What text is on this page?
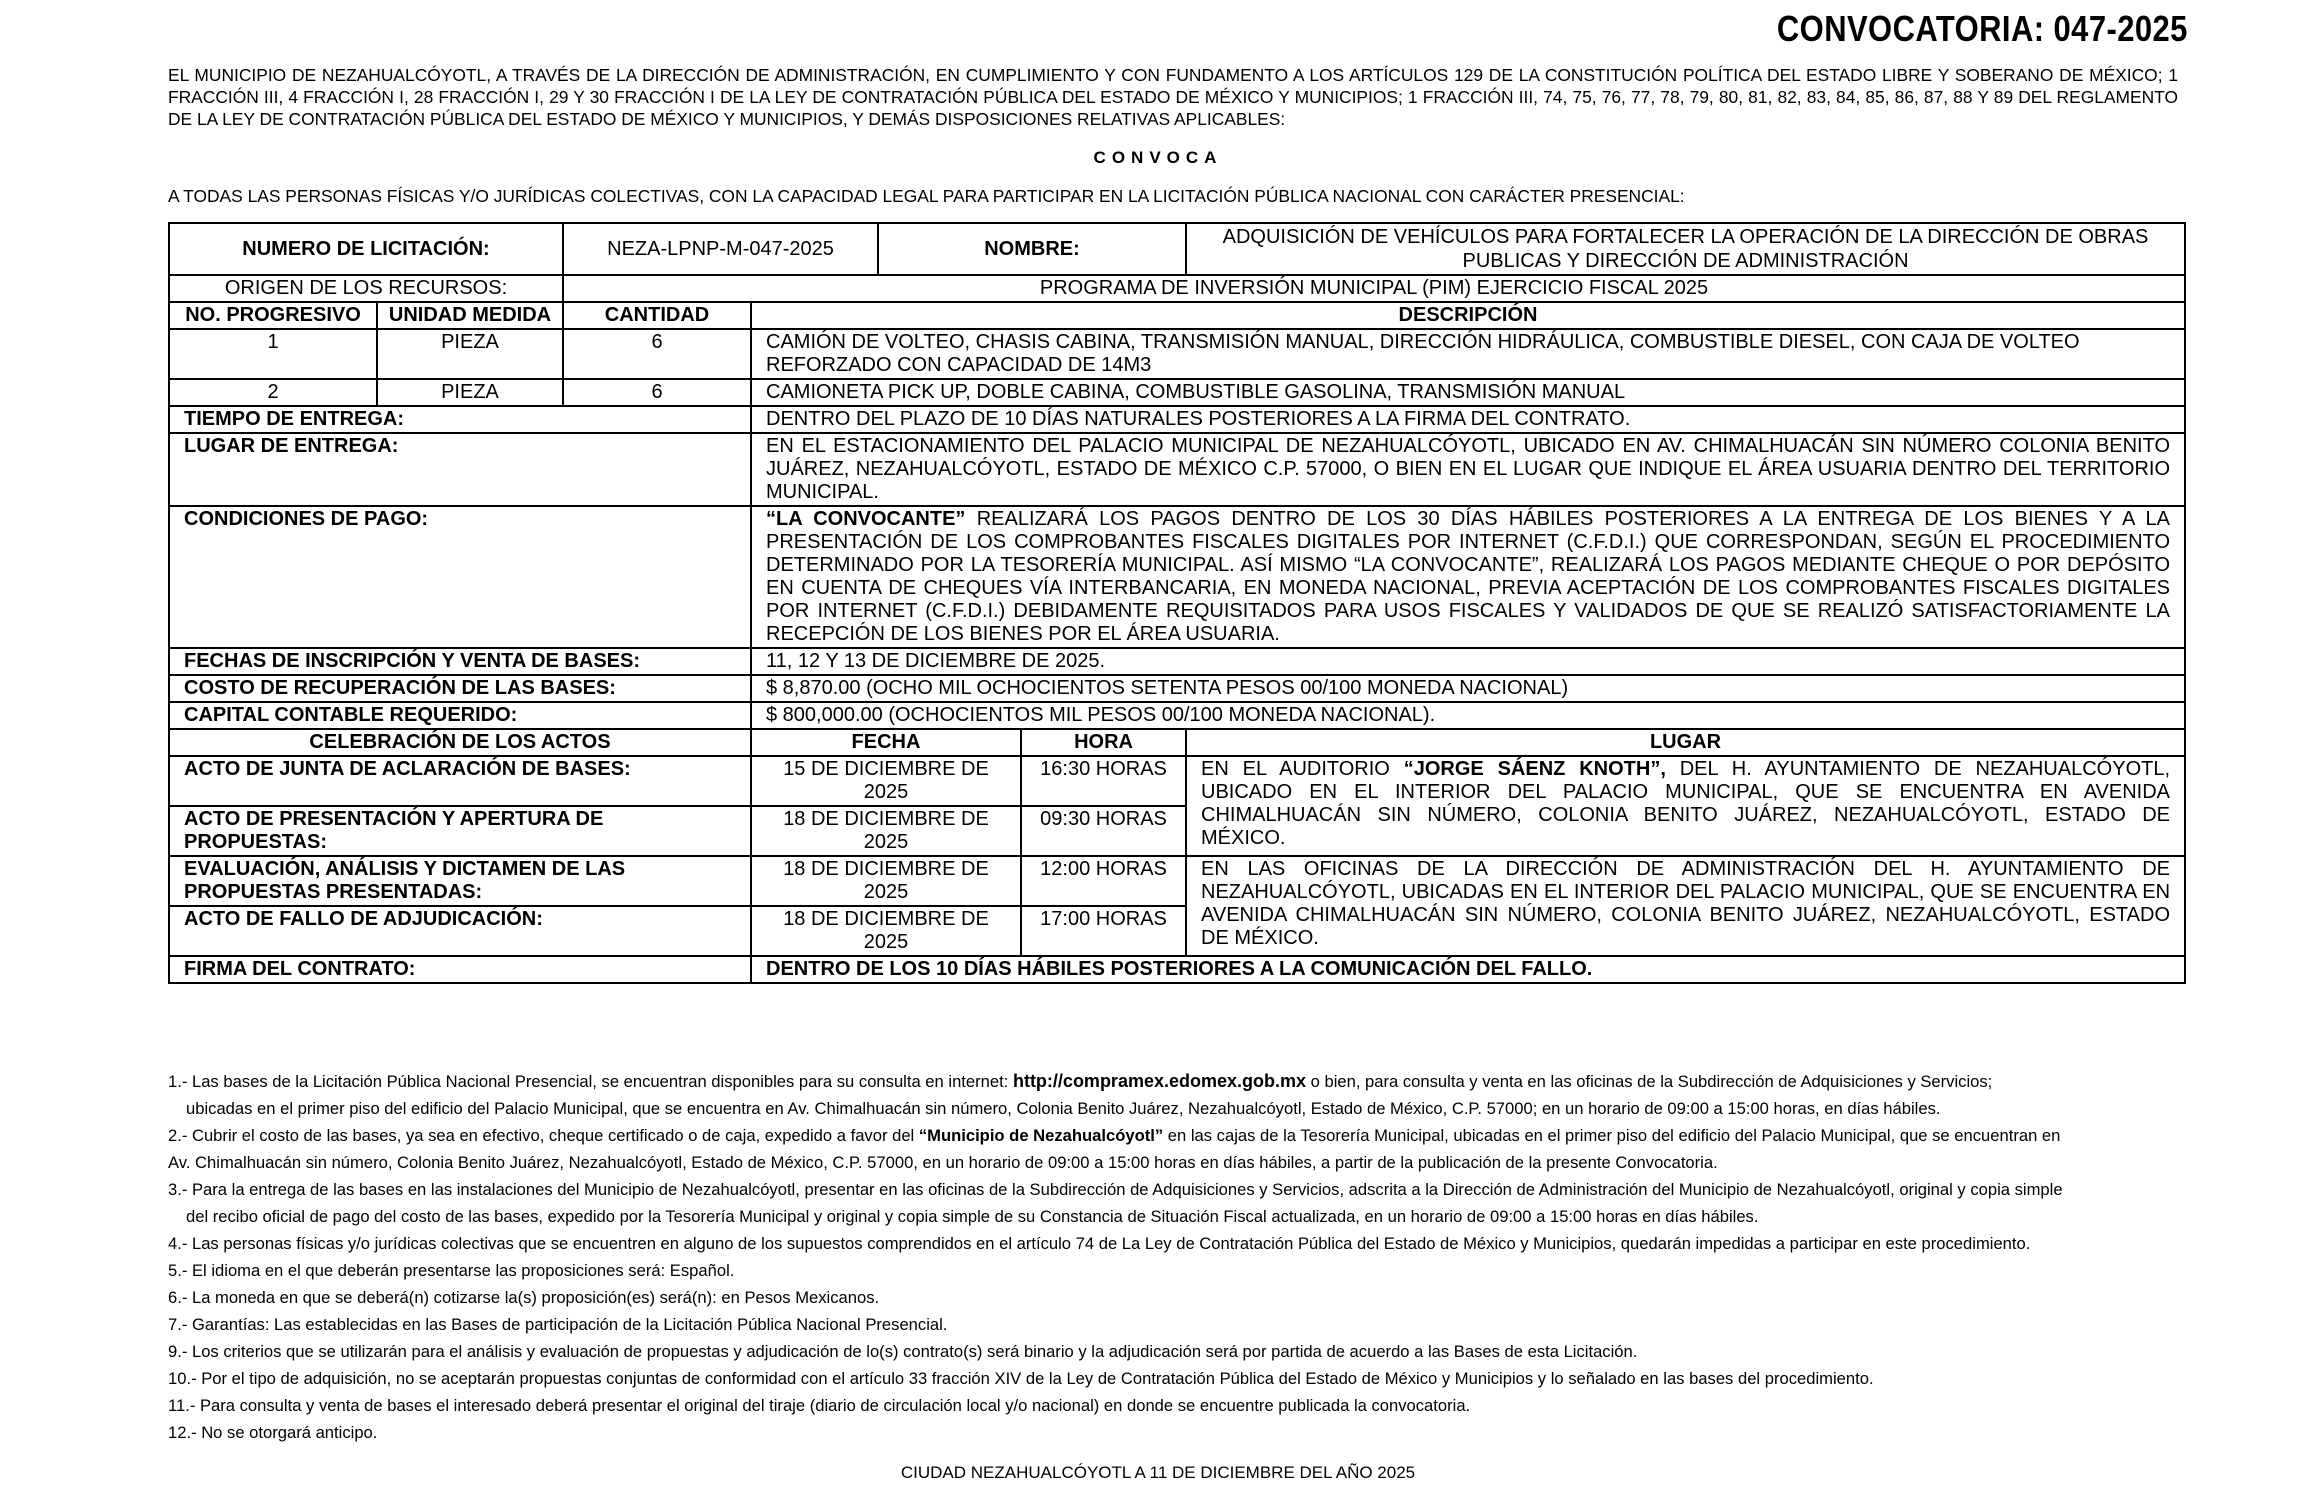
CONVOCATORIA: 047-2025
EL MUNICIPIO DE NEZAHUALCÓYOTL, A TRAVÉS DE LA DIRECCIÓN DE ADMINISTRACIÓN, EN CUMPLIMIENTO Y CON FUNDAMENTO A LOS ARTÍCULOS 129 DE LA CONSTITUCIÓN POLÍTICA DEL ESTADO LIBRE Y SOBERANO DE MÉXICO; 1 FRACCIÓN III, 4 FRACCIÓN I, 28 FRACCIÓN I, 29 Y 30 FRACCIÓN I DE LA LEY DE CONTRATACIÓN PÚBLICA DEL ESTADO DE MÉXICO Y MUNICIPIOS; 1 FRACCIÓN III, 74, 75, 76, 77, 78, 79, 80, 81, 82, 83, 84, 85, 86, 87, 88 Y 89 DEL REGLAMENTO DE LA LEY DE CONTRATACIÓN PÚBLICA DEL ESTADO DE MÉXICO Y MUNICIPIOS, Y DEMÁS DISPOSICIONES RELATIVAS APLICABLES:
CONVOCA
A TODAS LAS PERSONAS FÍSICAS Y/O JURÍDICAS COLECTIVAS, CON LA CAPACIDAD LEGAL PARA PARTICIPAR EN LA LICITACIÓN PÚBLICA NACIONAL CON CARÁCTER PRESENCIAL:
NUMERO DE LICITACIÓN:		NEZA-LPNP-M-047-2025		NOMBRE:		ADQUISICIÓN DE VEHÍCULOS PARA FORTALECER LA OPERACIÓN DE LA DIRECCIÓN DE OBRAS PUBLICAS Y DIRECCIÓN DE ADMINISTRACIÓN
ORIGEN DE LOS RECURSOS:		PROGRAMA DE INVERSIÓN MUNICIPAL (PIM) EJERCICIO FISCAL 2025				
NO. PROGRESIVO	UNIDAD MEDIDA	CANTIDAD	DESCRIPCIÓN			
1	PIEZA	6	CAMIÓN DE VOLTEO, CHASIS CABINA, TRANSMISIÓN MANUAL, DIRECCIÓN HIDRÁULICA, COMBUSTIBLE DIESEL, CON CAJA DE VOLTEO REFORZADO CON CAPACIDAD DE 14M3			
2	PIEZA	6	CAMIONETA PICK UP, DOBLE CABINA, COMBUSTIBLE GASOLINA, TRANSMISIÓN MANUAL			
TIEMPO DE ENTREGA:			DENTRO DEL PLAZO DE 10 DÍAS NATURALES POSTERIORES A LA FIRMA DEL CONTRATO.			
LUGAR DE ENTREGA:			EN EL ESTACIONAMIENTO DEL PALACIO MUNICIPAL DE NEZAHUALCÓYOTL, UBICADO EN AV. CHIMALHUACÁN SIN NÚMERO COLONIA BENITO JUÁREZ, NEZAHUALCÓYOTL, ESTADO DE MÉXICO C.P. 57000, O BIEN EN EL LUGAR QUE INDIQUE EL ÁREA USUARIA DENTRO DEL TERRITORIO MUNICIPAL.			
CONDICIONES DE PAGO:			“LA CONVOCANTE” REALIZARÁ LOS PAGOS DENTRO DE LOS 30 DÍAS HÁBILES POSTERIORES A LA ENTREGA DE LOS BIENES Y A LA PRESENTACIÓN DE LOS COMPROBANTES FISCALES DIGITALES POR INTERNET (C.F.D.I.) QUE CORRESPONDAN, SEGÚN EL PROCEDIMIENTO DETERMINADO POR LA TESORERÍA MUNICIPAL. ASÍ MISMO “LA CONVOCANTE”, REALIZARÁ LOS PAGOS MEDIANTE CHEQUE O POR DEPÓSITO EN CUENTA DE CHEQUES VÍA INTERBANCARIA, EN MONEDA NACIONAL, PREVIA ACEPTACIÓN DE LOS COMPROBANTES FISCALES DIGITALES POR INTERNET (C.F.D.I.) DEBIDAMENTE REQUISITADOS PARA USOS FISCALES Y VALIDADOS DE QUE SE REALIZÓ SATISFACTORIAMENTE LA RECEPCIÓN DE LOS BIENES POR EL ÁREA USUARIA.			
FECHAS DE INSCRIPCIÓN Y VENTA DE BASES:			11, 12 Y 13 DE DICIEMBRE DE 2025.			
COSTO DE RECUPERACIÓN DE LAS BASES:			$ 8,870.00 (OCHO MIL OCHOCIENTOS SETENTA PESOS 00/100 MONEDA NACIONAL)			
CAPITAL CONTABLE REQUERIDO:			$ 800,000.00 (OCHOCIENTOS MIL PESOS 00/100 MONEDA NACIONAL).			
CELEBRACIÓN DE LOS ACTOS			FECHA		HORA	LUGAR
ACTO DE JUNTA DE ACLARACIÓN DE BASES:			15 DE DICIEMBRE DE 2025		16:30 HORAS	EN EL AUDITORIO “JORGE SÁENZ KNOTH”, DEL H. AYUNTAMIENTO DE NEZAHUALCÓYOTL, UBICADO EN EL INTERIOR DEL PALACIO MUNICIPAL, QUE SE ENCUENTRA EN AVENIDA CHIMALHUACÁN SIN NÚMERO, COLONIA BENITO JUÁREZ, NEZAHUALCÓYOTL, ESTADO DE MÉXICO.
ACTO DE PRESENTACIÓN Y APERTURA DE PROPUESTAS:			18 DE DICIEMBRE DE 2025		09:30 HORAS	
EVALUACIÓN, ANÁLISIS Y DICTAMEN DE LAS PROPUESTAS PRESENTADAS:			18 DE DICIEMBRE DE 2025		12:00 HORAS	EN LAS OFICINAS DE LA DIRECCIÓN DE ADMINISTRACIÓN DEL H. AYUNTAMIENTO DE NEZAHUALCÓYOTL, UBICADAS EN EL INTERIOR DEL PALACIO MUNICIPAL, QUE SE ENCUENTRA EN AVENIDA CHIMALHUACÁN SIN NÚMERO, COLONIA BENITO JUÁREZ, NEZAHUALCÓYOTL, ESTADO DE MÉXICO.
ACTO DE FALLO DE ADJUDICACIÓN:			18 DE DICIEMBRE DE 2025		17:00 HORAS	
FIRMA DEL CONTRATO:			DENTRO DE LOS 10 DÍAS HÁBILES POSTERIORES A LA COMUNICACIÓN DEL FALLO.			
1.- Las bases de la Licitación Pública Nacional Presencial, se encuentran disponibles para su consulta en internet: http://compramex.edomex.gob.mx o bien, para consulta y venta en las oficinas de la Subdirección de Adquisiciones y Servicios;
ubicadas en el primer piso del edificio del Palacio Municipal, que se encuentra en Av. Chimalhuacán sin número, Colonia Benito Juárez, Nezahualcóyotl, Estado de México, C.P. 57000; en un horario de 09:00 a 15:00 horas, en días hábiles.
2.- Cubrir el costo de las bases, ya sea en efectivo, cheque certificado o de caja, expedido a favor del “Municipio de Nezahualcóyotl” en las cajas de la Tesorería Municipal, ubicadas en el primer piso del edificio del Palacio Municipal, que se encuentran en
Av. Chimalhuacán sin número, Colonia Benito Juárez, Nezahualcóyotl, Estado de México, C.P. 57000, en un horario de 09:00 a 15:00 horas en días hábiles, a partir de la publicación de la presente Convocatoria.
3.- Para la entrega de las bases en las instalaciones del Municipio de Nezahualcóyotl, presentar en las oficinas de la Subdirección de Adquisiciones y Servicios, adscrita a la Dirección de Administración del Municipio de Nezahualcóyotl, original y copia simple
del recibo oficial de pago del costo de las bases, expedido por la Tesorería Municipal y original y copia simple de su Constancia de Situación Fiscal actualizada, en un horario de 09:00 a 15:00 horas en días hábiles.
4.- Las personas físicas y/o jurídicas colectivas que se encuentren en alguno de los supuestos comprendidos en el artículo 74 de La Ley de Contratación Pública del Estado de México y Municipios, quedarán impedidas a participar en este procedimiento.
5.- El idioma en el que deberán presentarse las proposiciones será: Español.
6.- La moneda en que se deberá(n) cotizarse la(s) proposición(es) será(n): en Pesos Mexicanos.
7.- Garantías: Las establecidas en las Bases de participación de la Licitación Pública Nacional Presencial.
9.- Los criterios que se utilizarán para el análisis y evaluación de propuestas y adjudicación de lo(s) contrato(s) será binario y la adjudicación será por partida de acuerdo a las Bases de esta Licitación.
10.- Por el tipo de adquisición, no se aceptarán propuestas conjuntas de conformidad con el artículo 33 fracción XIV de la Ley de Contratación Pública del Estado de México y Municipios y lo señalado en las bases del procedimiento.
11.- Para consulta y venta de bases el interesado deberá presentar el original del tiraje (diario de circulación local y/o nacional) en donde se encuentre publicada la convocatoria.
12.- No se otorgará anticipo.
CIUDAD NEZAHUALCÓYOTL A 11 DE DICIEMBRE DEL AÑO 2025
